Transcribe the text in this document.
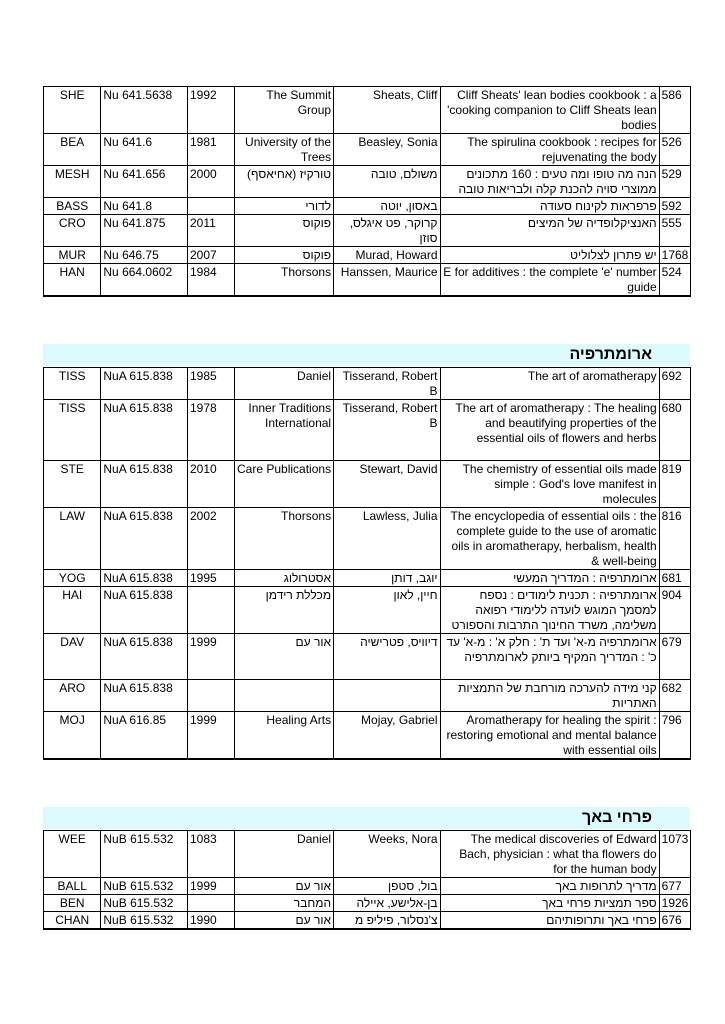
SHE	Nu 641.5638	1992	The Summit Group	Sheats, Cliff	Cliff Sheats' lean bodies cookbook : a 'cooking companion to Cliff Sheats lean bodies	586
BEA	Nu 641.6	1981	University of the Trees	Beasley, Sonia	The spirulina cookbook : recipes for rejuvenating the body	526
MESH	Nu 641.656	2000	טורקיז (אחיאסף)	משולם, טובה	הנה מה טופו ומה טעים : 160 מתכונים ממוצרי סויה להכנת קלה ולבריאות טובה	529
BASS	Nu 641.8		לדורי	באסון, יוטה	פרפראות לקינוח סעודה	592
CRO	Nu 641.875	2011	פוקוס	קרוקר, פט איגלס, סוזן	האנציקלופדיה של המיצים	555
MUR	Nu 646.75	2007	פוקוס	Murad, Howard	יש פתרון לצלוליט	1768
HAN	Nu 664.0602	1984	Thorsons	Hanssen, Maurice	E for additives : the complete 'e' number guide	524
ארומתרפיה
TISS	NuA 615.838	1985	Daniel	Tisserand, Robert B	The art of aromatherapy	692
TISS	NuA 615.838	1978	Inner Traditions International	Tisserand, Robert B	The art of aromatherapy : The healing and beautifying properties of the essential oils of flowers and herbs	680
STE	NuA 615.838	2010	Care Publications	Stewart, David	The chemistry of essential oils made simple : God's love manifest in molecules	819
LAW	NuA 615.838	2002	Thorsons	Lawless, Julia	The encyclopedia of essential oils : the complete guide to the use of aromatic oils in aromatherapy, herbalism, health & well-being	816
YOG	NuA 615.838	1995	אסטרולוג	יוגב, דותן	ארומתרפיה : המדריך המעשי	681
HAI	NuA 615.838		מכללת רידמן	חיין, לאון	ארומתרפיה : תכנית לימודים : נספח למסמך המוגש לועדה ללימודי רפואה משלימה, משרד החינוך התרבות והספורט	904
DAV	NuA 615.838	1999	אור עם	דיוויס, פטרישיה	ארומתרפיה מ-א' ועד ת' : חלק א' : מ-א' עד כ' : המדריך המקיף ביותק לארומתרפיה	679
ARO	NuA 615.838				קני מידה להערכה מורחבת של התמציות האתריות	682
MOJ	NuA 616.85	1999	Healing Arts	Mojay, Gabriel	Aromatherapy for healing the spirit : restoring emotional and mental balance with essential oils	796
פרחי באך
WEE	NuB 615.532	1083	Daniel	Weeks, Nora	The medical discoveries of Edward Bach, physician : what tha flowers do for the human body	1073
BALL	NuB 615.532	1999	אור עם	בול, סטפן	מדריך לתרופות באך	677
BEN	NuB 615.532		המחבר	בן-אלישע, איילה	ספר תמציות פרחי באך	1926
CHAN	NuB 615.532	1990	אור עם	צ'נסלור, פיליפ מ	פרחי באך ותרופותיהם	676
